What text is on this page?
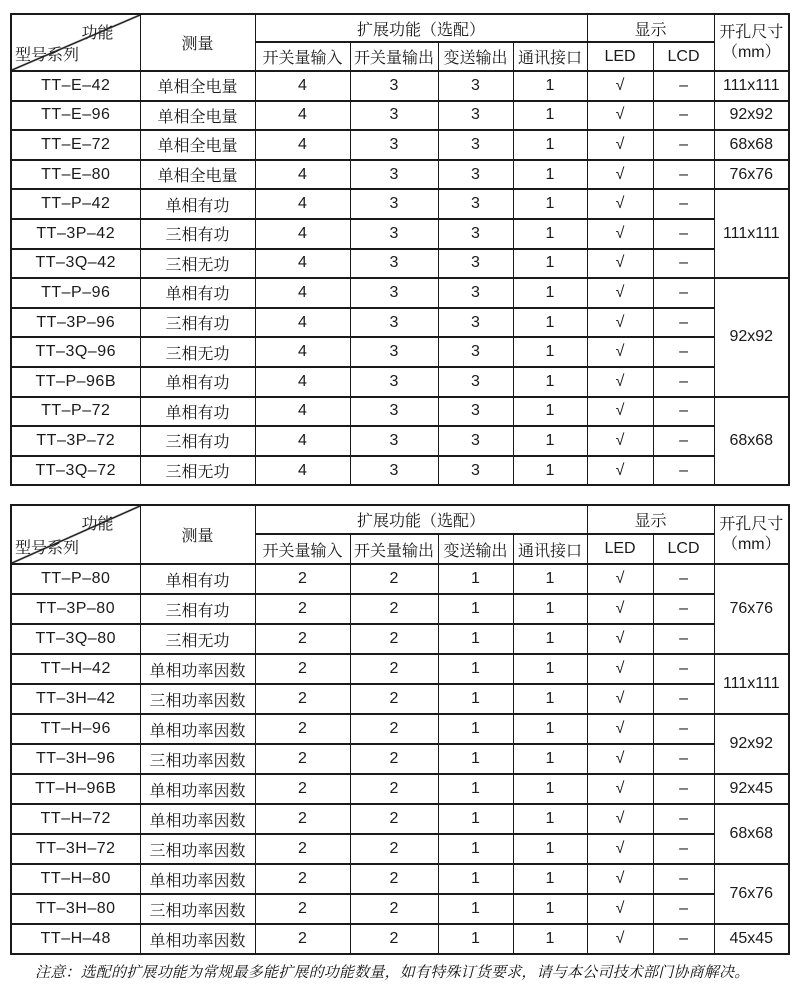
功能
型号系列
	测量	扩展功能（选配）	显示	开孔尺寸
（mm）

		开关量输入	开关量输出	变送输出	通讯接口	LED	LCD	
TT–E–42	单相全电量	4	3	3	1	√	–	111x111
TT–E–96	单相全电量	4	3	3	1	√	–	92x92
TT–E–72	单相全电量	4	3	3	1	√	–	68x68
TT–E–80	单相全电量	4	3	3	1	√	–	76x76
TT–P–42	单相有功	4	3	3	1	√	–	111x111
TT–3P–42	三相有功	4	3	3	1	√	–	
TT–3Q–42	三相无功	4	3	3	1	√	–	
TT–P–96	单相有功	4	3	3	1	√	–	92x92
TT–3P–96	三相有功	4	3	3	1	√	–	
TT–3Q–96	三相无功	4	3	3	1	√	–	
TT–P–96B	单相有功	4	3	3	1	√	–	
TT–P–72	单相有功	4	3	3	1	√	–	68x68
TT–3P–72	三相有功	4	3	3	1	√	–	
TT–3Q–72	三相无功	4	3	3	1	√	–	
功能
型号系列
	测量	扩展功能（选配）	显示	开孔尺寸
（mm）

		开关量输入	开关量输出	变送输出	通讯接口	LED	LCD	
TT–P–80	单相有功	2	2	1	1	√	–	76x76
TT–3P–80	三相有功	2	2	1	1	√	–	
TT–3Q–80	三相无功	2	2	1	1	√	–	
TT–H–42	单相功率因数	2	2	1	1	√	–	111x111
TT–3H–42	三相功率因数	2	2	1	1	√	–	
TT–H–96	单相功率因数	2	2	1	1	√	–	92x92
TT–3H–96	三相功率因数	2	2	1	1	√	–	
TT–H–96B	单相功率因数	2	2	1	1	√	–	92x45
TT–H–72	单相功率因数	2	2	1	1	√	–	68x68
TT–3H–72	三相功率因数	2	2	1	1	√	–	
TT–H–80	单相功率因数	2	2	1	1	√	–	76x76
TT–3H–80	三相功率因数	2	2	1	1	√	–	
TT–H–48	单相功率因数	2	2	1	1	√	–	45x45
注意：选配的扩展功能为常规最多能扩展的功能数量，如有特殊订货要求，请与本公司技术部门协商解决。
